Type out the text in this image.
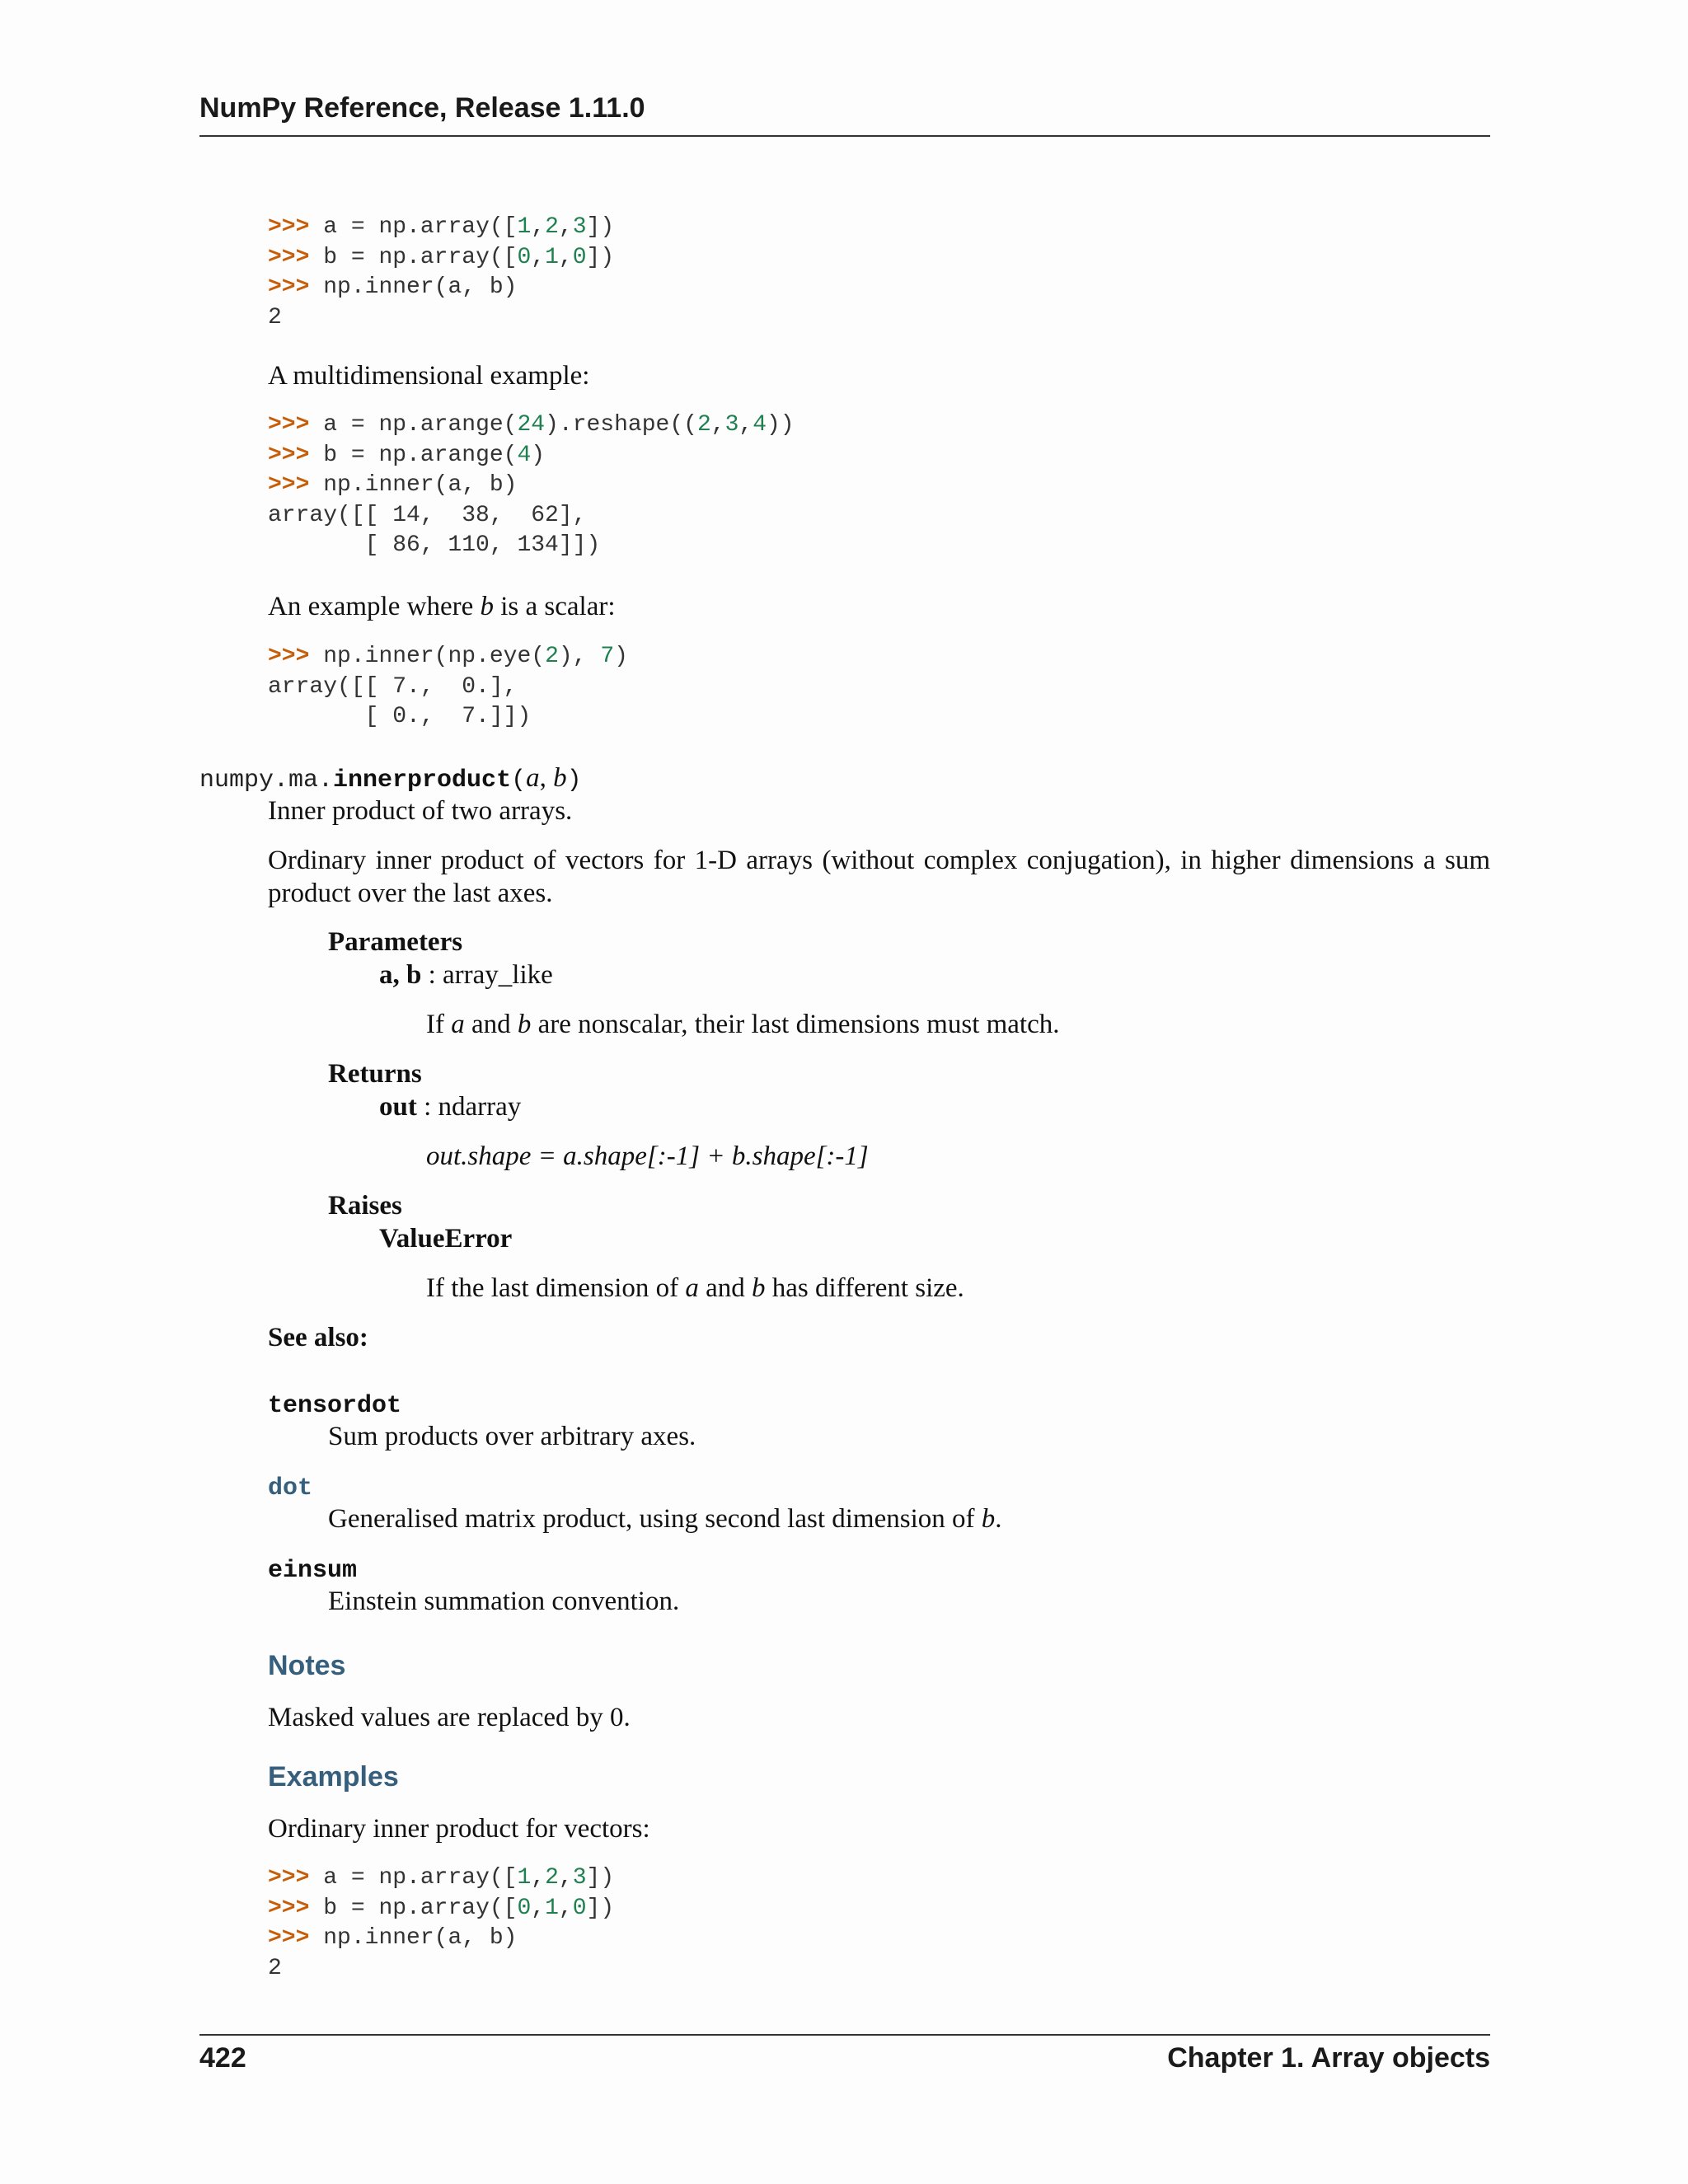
NumPy Reference, Release 1.11.0
>>> a = np.array([1,2,3])
>>> b = np.array([0,1,0])
>>> np.inner(a, b)
2
A multidimensional example:
>>> a = np.arange(24).reshape((2,3,4))
>>> b = np.arange(4)
>>> np.inner(a, b)
array([[ 14,  38,  62],
[ 86, 110, 134]])
An example where b is a scalar:
>>> np.inner(np.eye(2), 7)
array([[ 7.,  0.],
[ 0.,  7.]])
numpy.ma.innerproduct(a, b)
Inner product of two arrays.
Ordinary inner product of vectors for 1-D arrays (without complex conjugation), in higher dimensions a sum product over the last axes.
Parameters
a, b : array_like
If a and b are nonscalar, their last dimensions must match.
Returns
out : ndarray
out.shape = a.shape[:-1] + b.shape[:-1]
Raises
ValueError
If the last dimension of a and b has different size.
See also:
tensordot
Sum products over arbitrary axes.
dot
Generalised matrix product, using second last dimension of b.
einsum
Einstein summation convention.
Notes
Masked values are replaced by 0.
Examples
Ordinary inner product for vectors:
>>> a = np.array([1,2,3])
>>> b = np.array([0,1,0])
>>> np.inner(a, b)
2
422	Chapter 1. Array objects
